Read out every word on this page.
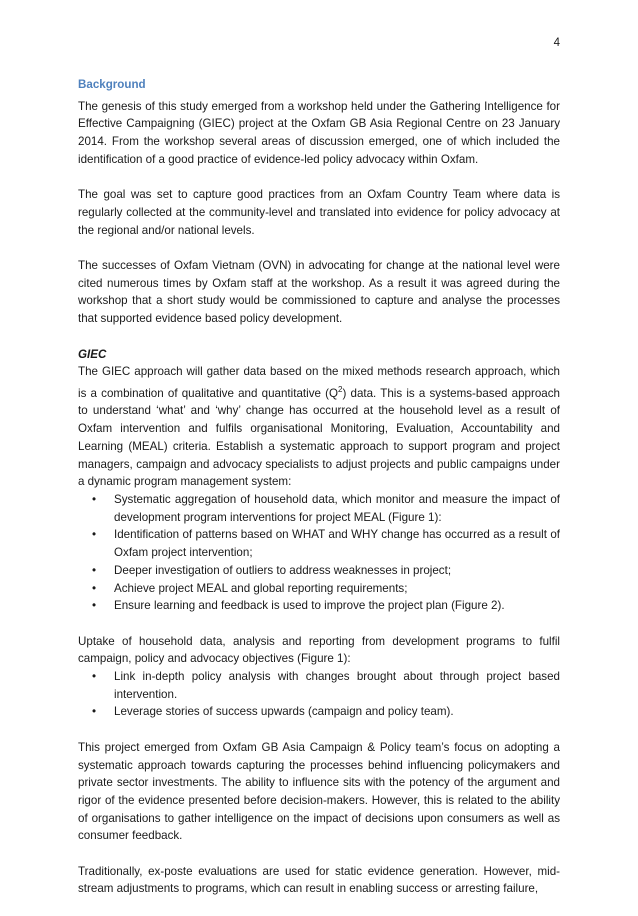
4
Background

The genesis of this study emerged from a workshop held under the Gathering Intelligence for Effective Campaigning (GIEC) project at the Oxfam GB Asia Regional Centre on 23 January 2014. From the workshop several areas of discussion emerged, one of which included the identification of a good practice of evidence-led policy advocacy within Oxfam.

The goal was set to capture good practices from an Oxfam Country Team where data is regularly collected at the community-level and translated into evidence for policy advocacy at the regional and/or national levels.

The successes of Oxfam Vietnam (OVN) in advocating for change at the national level were cited numerous times by Oxfam staff at the workshop. As a result it was agreed during the workshop that a short study would be commissioned to capture and analyse the processes that supported evidence based policy development.

GIEC

The GIEC approach will gather data based on the mixed methods research approach, which is a combination of qualitative and quantitative $(Q^2)$ data. This is a systems-based approach to understand ‘what’ and ‘why’ change has occurred at the household level as a result of Oxfam intervention and fulfils organisational Monitoring, Evaluation, Accountability and Learning (MEAL) criteria. Establish a systematic approach to support program and project managers, campaign and advocacy specialists to adjust projects and public campaigns under a dynamic program management system:

• Systematic aggregation of household data, which monitor and measure the impact of development program interventions for project MEAL (Figure 1):
• Identification of patterns based on WHAT and WHY change has occurred as a result of Oxfam project intervention;
• Deeper investigation of outliers to address weaknesses in project;
• Achieve project MEAL and global reporting requirements;
• Ensure learning and feedback is used to improve the project plan (Figure 2).

Uptake of household data, analysis and reporting from development programs to fulfil campaign, policy and advocacy objectives (Figure 1):

• Link in-depth policy analysis with changes brought about through project based intervention.
• Leverage stories of success upwards (campaign and policy team).

This project emerged from Oxfam GB Asia Campaign & Policy team’s focus on adopting a systematic approach towards capturing the processes behind influencing policymakers and private sector investments. The ability to influence sits with the potency of the argument and rigor of the evidence presented before decision-makers. However, this is related to the ability of organisations to gather intelligence on the impact of decisions upon consumers as well as consumer feedback.

Traditionally, ex-poste evaluations are used for static evidence generation. However, mid-stream adjustments to programs, which can result in enabling success or arresting failure,
